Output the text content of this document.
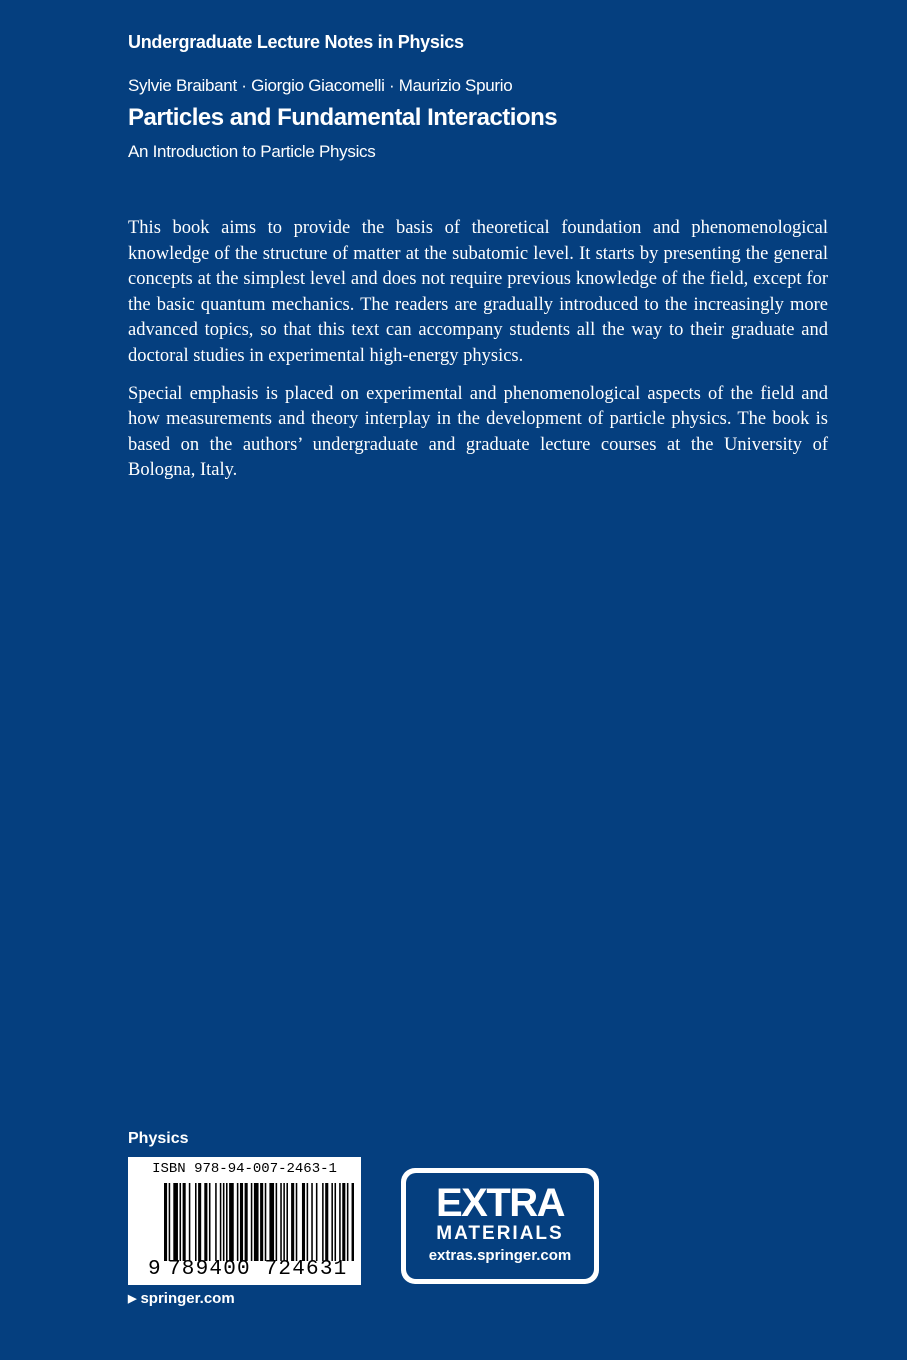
Undergraduate Lecture Notes in Physics
Sylvie Braibant · Giorgio Giacomelli · Maurizio Spurio
Particles and Fundamental Interactions
An Introduction to Particle Physics

This book aims to provide the basis of theoretical foundation and phenomenological knowledge of the structure of matter at the subatomic level. It starts by presenting the general concepts at the simplest level and does not require previous knowledge of the field, except for the basic quantum mechanics. The readers are gradually introduced to the increasingly more advanced topics, so that this text can accompany students all the way to their graduate and doctoral studies in experimental high-energy physics.

Special emphasis is placed on experimental and phenomenological aspects of the field and how measurements and theory interplay in the development of particle physics. The book is based on the authors’ undergraduate and graduate lecture courses at the University of Bologna, Italy.

Physics
ISBN 978-94-007-2463-1
9 789400 724631
EXTRA
MATERIALS
extras.springer.com
▶ springer.com
